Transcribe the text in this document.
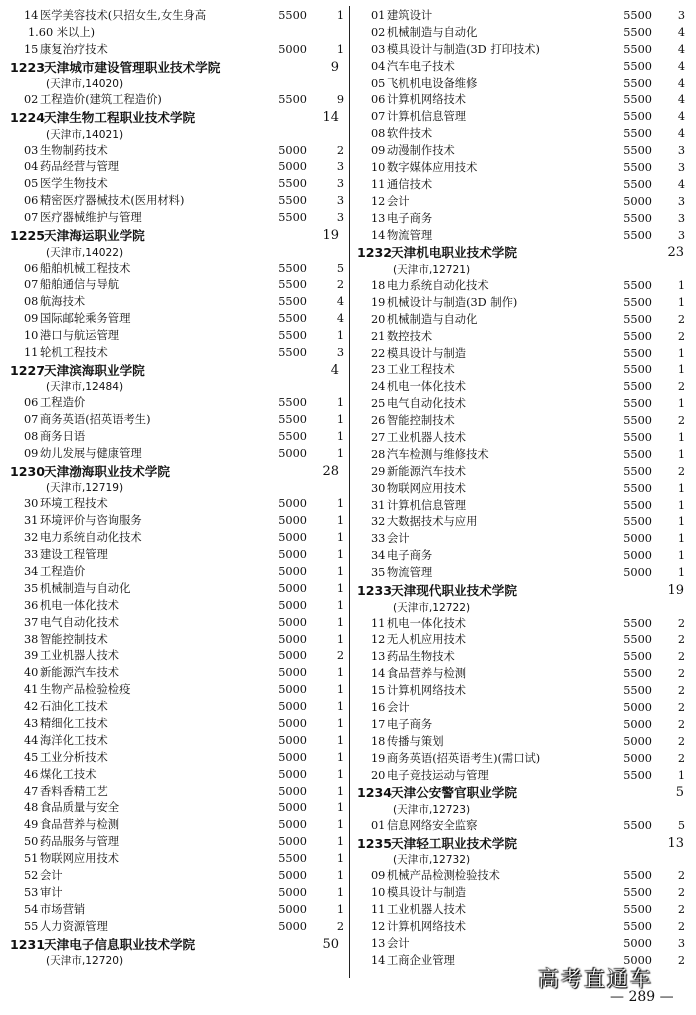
14 医学美容技术(只招女生,女生身高	5500	1
1.60 米以上)
15 康复治疗技术	5000	1
1223
天津城市建设管理职业技术学院	9
(天津市,14020)
02 工程造价(建筑工程造价)	5500	9
1224
天津生物工程职业技术学院	14
(天津市,14021)
03 生物制药技术	5000	2
04 药品经营与管理	5000	3
05 医学生物技术	5500	3
06 精密医疗器械技术(医用材料)	5500	3
07 医疗器械维护与管理	5500	3
1225
天津海运职业学院	19
(天津市,14022)
06 船舶机械工程技术	5500	5
07 船舶通信与导航	5500	2
08 航海技术	5500	4
09 国际邮轮乘务管理	5500	4
10 港口与航运管理	5500	1
11 轮机工程技术	5500	3
1227
天津滨海职业学院	4
(天津市,12484)
06 工程造价	5500	1
07 商务英语(招英语考生)	5500	1
08 商务日语	5500	1
09 幼儿发展与健康管理	5000	1
1230
天津渤海职业技术学院	28
(天津市,12719)
30 环境工程技术	5000	1
31 环境评价与咨询服务	5000	1
32 电力系统自动化技术	5000	1
33 建设工程管理	5000	1
34 工程造价	5000	1
35 机械制造与自动化	5000	1
36 机电一体化技术	5000	1
37 电气自动化技术	5000	1
38 智能控制技术	5000	1
39 工业机器人技术	5000	2
40 新能源汽车技术	5000	1
41 生物产品检验检疫	5000	1
42 石油化工技术	5000	1
43 精细化工技术	5000	1
44 海洋化工技术	5000	1
45 工业分析技术	5000	1
46 煤化工技术	5000	1
47 香料香精工艺	5000	1
48 食品质量与安全	5000	1
49 食品营养与检测	5000	1
50 药品服务与管理	5000	1
51 物联网应用技术	5500	1
52 会计	5000	1
53 审计	5000	1
54 市场营销	5000	1
55 人力资源管理	5000	2
1231
天津电子信息职业技术学院	50
(天津市,12720)
01 建筑设计	5500	3
02 机械制造与自动化	5500	4
03 模具设计与制造(3D 打印技术)	5500	4
04 汽车电子技术	5500	4
05 飞机机电设备维修	5500	4
06 计算机网络技术	5500	4
07 计算机信息管理	5500	4
08 软件技术	5500	4
09 动漫制作技术	5500	3
10 数字媒体应用技术	5500	3
11 通信技术	5500	4
12 会计	5000	3
13 电子商务	5500	3
14 物流管理	5500	3
1232
天津机电职业技术学院	23
(天津市,12721)
18 电力系统自动化技术	5500	1
19 机械设计与制造(3D 制作)	5500	1
20 机械制造与自动化	5500	2
21 数控技术	5500	2
22 模具设计与制造	5500	1
23 工业工程技术	5500	1
24 机电一体化技术	5500	2
25 电气自动化技术	5500	1
26 智能控制技术	5500	2
27 工业机器人技术	5500	1
28 汽车检测与维修技术	5500	1
29 新能源汽车技术	5500	2
30 物联网应用技术	5500	1
31 计算机信息管理	5500	1
32 大数据技术与应用	5500	1
33 会计	5000	1
34 电子商务	5000	1
35 物流管理	5000	1
1233
天津现代职业技术学院	19
(天津市,12722)
11 机电一体化技术	5500	2
12 无人机应用技术	5500	2
13 药品生物技术	5500	2
14 食品营养与检测	5500	2
15 计算机网络技术	5500	2
16 会计	5000	2
17 电子商务	5000	2
18 传播与策划	5000	2
19 商务英语(招英语考生)(需口试)	5000	2
20 电子竞技运动与管理	5500	1
1234
天津公安警官职业学院	5
(天津市,12723)
01 信息网络安全监察	5500	5
1235
天津轻工职业技术学院	13
(天津市,12732)
09 机械产品检测检验技术	5500	2
10 模具设计与制造	5500	2
11 工业机器人技术	5500	2
12 计算机网络技术	5500	2
13 会计	5000	3
14 工商企业管理	5000	2
高考直通车
— 289 —
